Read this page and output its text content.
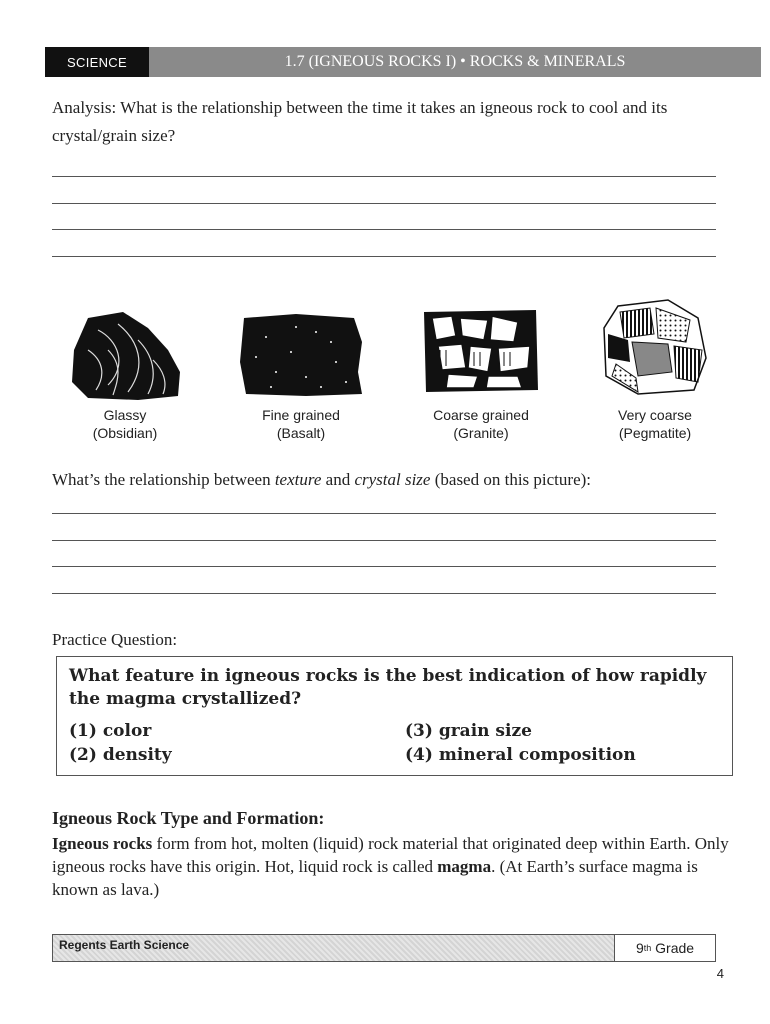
SCIENCE	1.7 (IGNEOUS ROCKS I) • ROCKS & MINERALS
Analysis: What is the relationship between the time it takes an igneous rock to cool and its crystal/grain size?
Glassy
(Obsidian)
Fine grained
(Basalt)
Coarse grained
(Granite)
Very coarse
(Pegmatite)
What’s the relationship between texture and crystal size (based on this picture):
Practice Question:
What feature in igneous rocks is the best indication of how rapidly the magma crystallized?
(1) color
(2) density
(3) grain size
(4) mineral composition
Igneous Rock Type and Formation:
Igneous rocks form from hot, molten (liquid) rock material that originated deep within Earth. Only igneous rocks have this origin. Hot, liquid rock is called magma. (At Earth’s surface magma is known as lava.)
Regents Earth Science	9 th Grade
4
